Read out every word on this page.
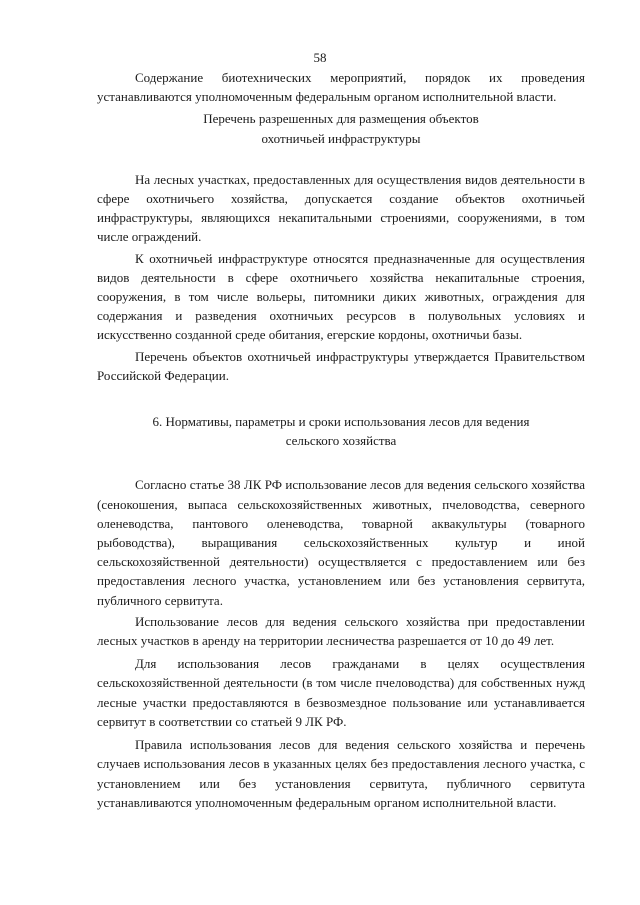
58

Содержание биотехнических мероприятий, порядок их проведения устанавливаются уполномоченным федеральным органом исполнительной власти.

Перечень разрешенных для размещения объектов
охотничьей инфраструктуры

На лесных участках, предоставленных для осуществления видов деятельности в сфере охотничьего хозяйства, допускается создание объектов охотничьей инфраструктуры, являющихся некапитальными строениями, сооружениями, в том числе ограждений.

К охотничьей инфраструктуре относятся предназначенные для осуществления видов деятельности в сфере охотничьего хозяйства некапитальные строения, сооружения, в том числе вольеры, питомники диких животных, ограждения для содержания и разведения охотничьих ресурсов в полувольных условиях и искусственно созданной среде обитания, егерские кордоны, охотничьи базы.

Перечень объектов охотничьей инфраструктуры утверждается Правительством Российской Федерации.

6. Нормативы, параметры и сроки использования лесов для ведения
сельского хозяйства

Согласно статье 38 ЛК РФ использование лесов для ведения сельского хозяйства (сенокошения, выпаса сельскохозяйственных животных, пчеловодства, северного оленеводства, пантового оленеводства, товарной аквакультуры (товарного рыбоводства), выращивания сельскохозяйственных культур и иной сельскохозяйственной деятельности) осуществляется с предоставлением или без предоставления лесного участка, установлением или без установления сервитута, публичного сервитута.

Использование лесов для ведения сельского хозяйства при предоставлении лесных участков в аренду на территории лесничества разрешается от 10 до 49 лет.

Для использования лесов гражданами в целях осуществления сельскохозяйственной деятельности (в том числе пчеловодства) для собственных нужд лесные участки предоставляются в безвозмездное пользование или устанавливается сервитут в соответствии со статьей 9 ЛК РФ.

Правила использования лесов для ведения сельского хозяйства и перечень случаев использования лесов в указанных целях без предоставления лесного участка, с установлением или без установления сервитута, публичного сервитута устанавливаются уполномоченным федеральным органом исполнительной власти.
